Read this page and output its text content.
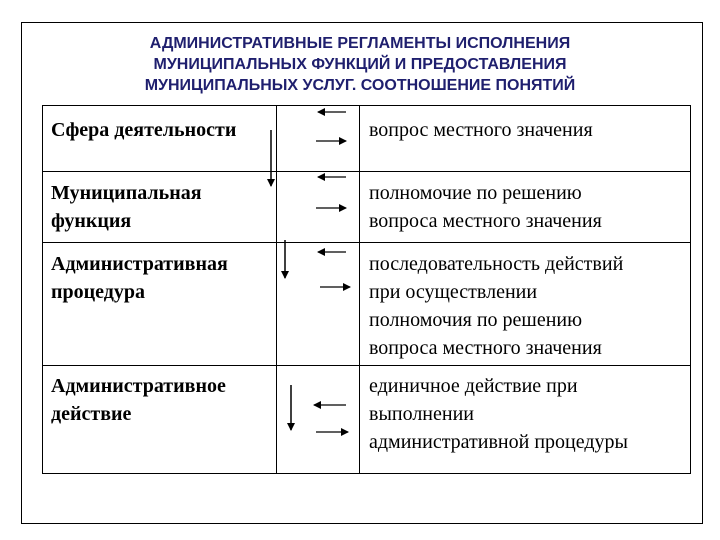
АДМИНИСТРАТИВНЫЕ РЕГЛАМЕНТЫ ИСПОЛНЕНИЯ
МУНИЦИПАЛЬНЫХ ФУНКЦИЙ И ПРЕДОСТАВЛЕНИЯ
МУНИЦИПАЛЬНЫХ УСЛУГ. СООТНОШЕНИЕ ПОНЯТИЙ
Сфера деятельности	вопрос местного значения
Муниципальная
функция
полномочие по решению
вопроса местного значения
Административная
процедура
последовательность действий
при осуществлении
полномочия по решению
вопроса местного значения
Административное
действие
единичное действие при
выполнении
административной процедуры
